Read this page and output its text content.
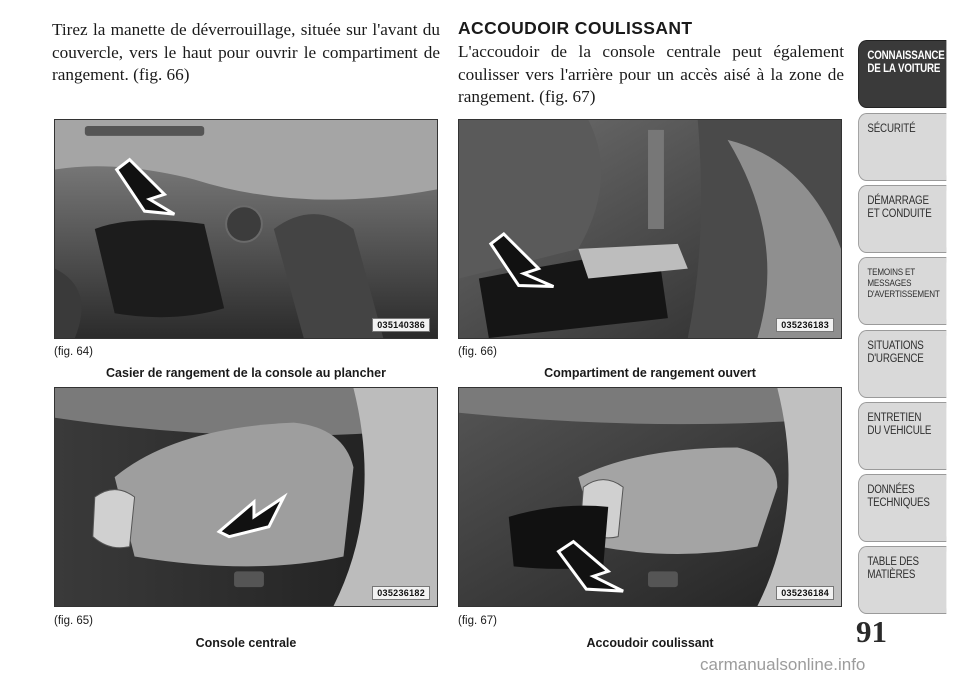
Tirez la manette de déverrouillage, située sur l'avant du couvercle, vers le haut pour ouvrir le compartiment de rangement. (fig. 66)

ACCOUDOIR COULISSANT

L'accoudoir de la console centrale peut également coulisser vers l'arrière pour un accès aisé à la zone de rangement. (fig. 67)

035140386
(fig. 64)
Casier de rangement de la console au plancher
035236183
(fig. 66)
Compartiment de rangement ouvert
035236182
(fig. 65)
Console centrale
035236184
(fig. 67)
Accoudoir coulissant
CONNAISSANCE
DE LA VOITURE
SÉCURITÉ
DÉMARRAGE
ET CONDUITE
TEMOINS ET
MESSAGES
D'AVERTISSEMENT
SITUATIONS
D'URGENCE
ENTRETIEN
DU VEHICULE
DONNÉES
TECHNIQUES
TABLE DES
MATIÈRES
91
carmanualsonline.info
